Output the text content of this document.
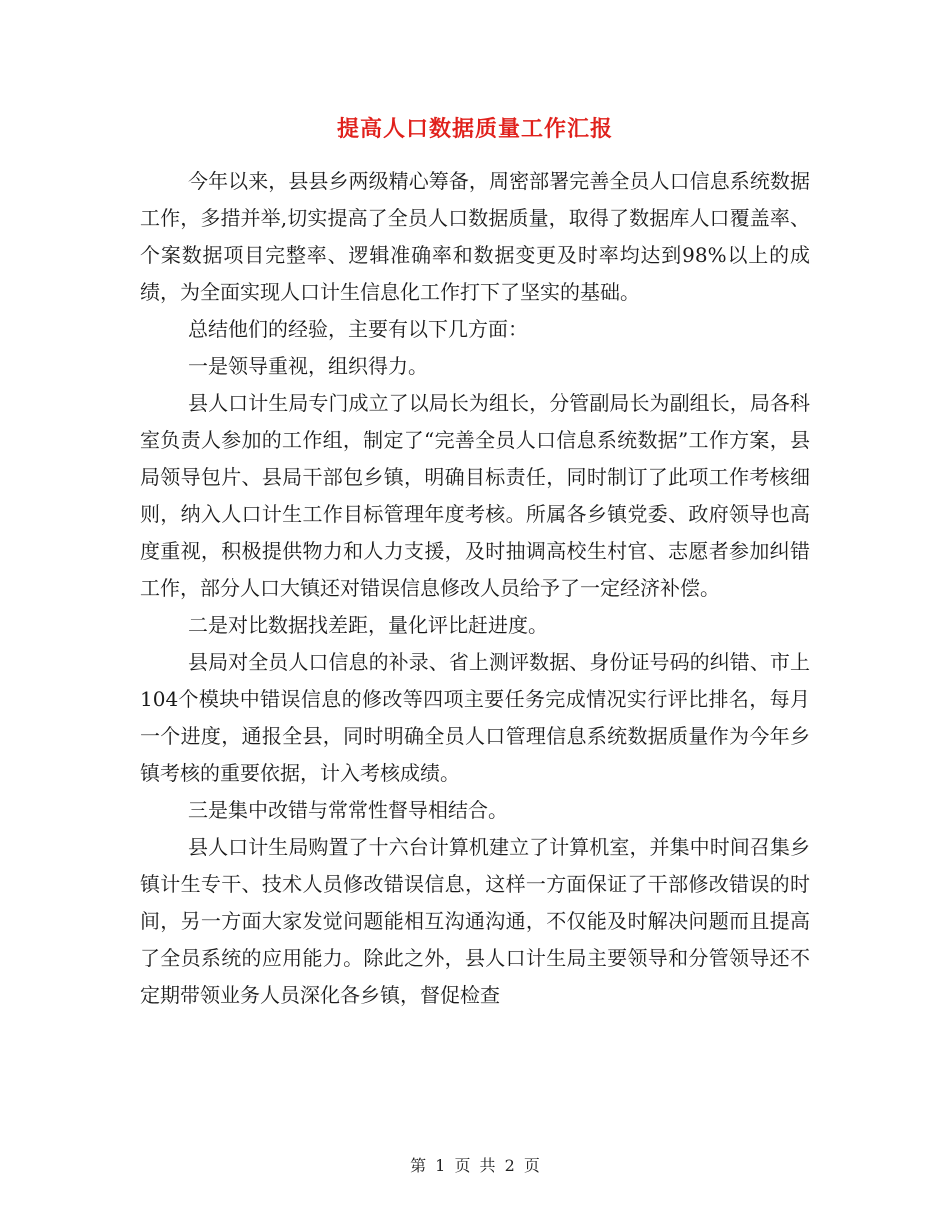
提高人口数据质量工作汇报

今年以来，县县乡两级精心筹备，周密部署完善全员人口信息系统数据工作，多措并举,切实提高了全员人口数据质量，取得了数据库人口覆盖率、个案数据项目完整率、逻辑准确率和数据变更及时率均达到98%以上的成绩，为全面实现人口计生信息化工作打下了坚实的基础。

总结他们的经验，主要有以下几方面：

一是领导重视，组织得力。

县人口计生局专门成立了以局长为组长，分管副局长为副组长，局各科室负责人参加的工作组，制定了“完善全员人口信息系统数据”工作方案，县局领导包片、县局干部包乡镇，明确目标责任，同时制订了此项工作考核细则，纳入人口计生工作目标管理年度考核。所属各乡镇党委、政府领导也高度重视，积极提供物力和人力支援，及时抽调高校生村官、志愿者参加纠错工作，部分人口大镇还对错误信息修改人员给予了一定经济补偿。

二是对比数据找差距，量化评比赶进度。

县局对全员人口信息的补录、省上测评数据、身份证号码的纠错、市上104个模块中错误信息的修改等四项主要任务完成情况实行评比排名，每月一个进度，通报全县，同时明确全员人口管理信息系统数据质量作为今年乡镇考核的重要依据，计入考核成绩。

三是集中改错与常常性督导相结合。

县人口计生局购置了十六台计算机建立了计算机室，并集中时间召集乡镇计生专干、技术人员修改错误信息，这样一方面保证了干部修改错误的时间，另一方面大家发觉问题能相互沟通沟通，不仅能及时解决问题而且提高了全员系统的应用能力。除此之外，县人口计生局主要领导和分管领导还不定期带领业务人员深化各乡镇，督促检查

第 1 页 共 2 页
